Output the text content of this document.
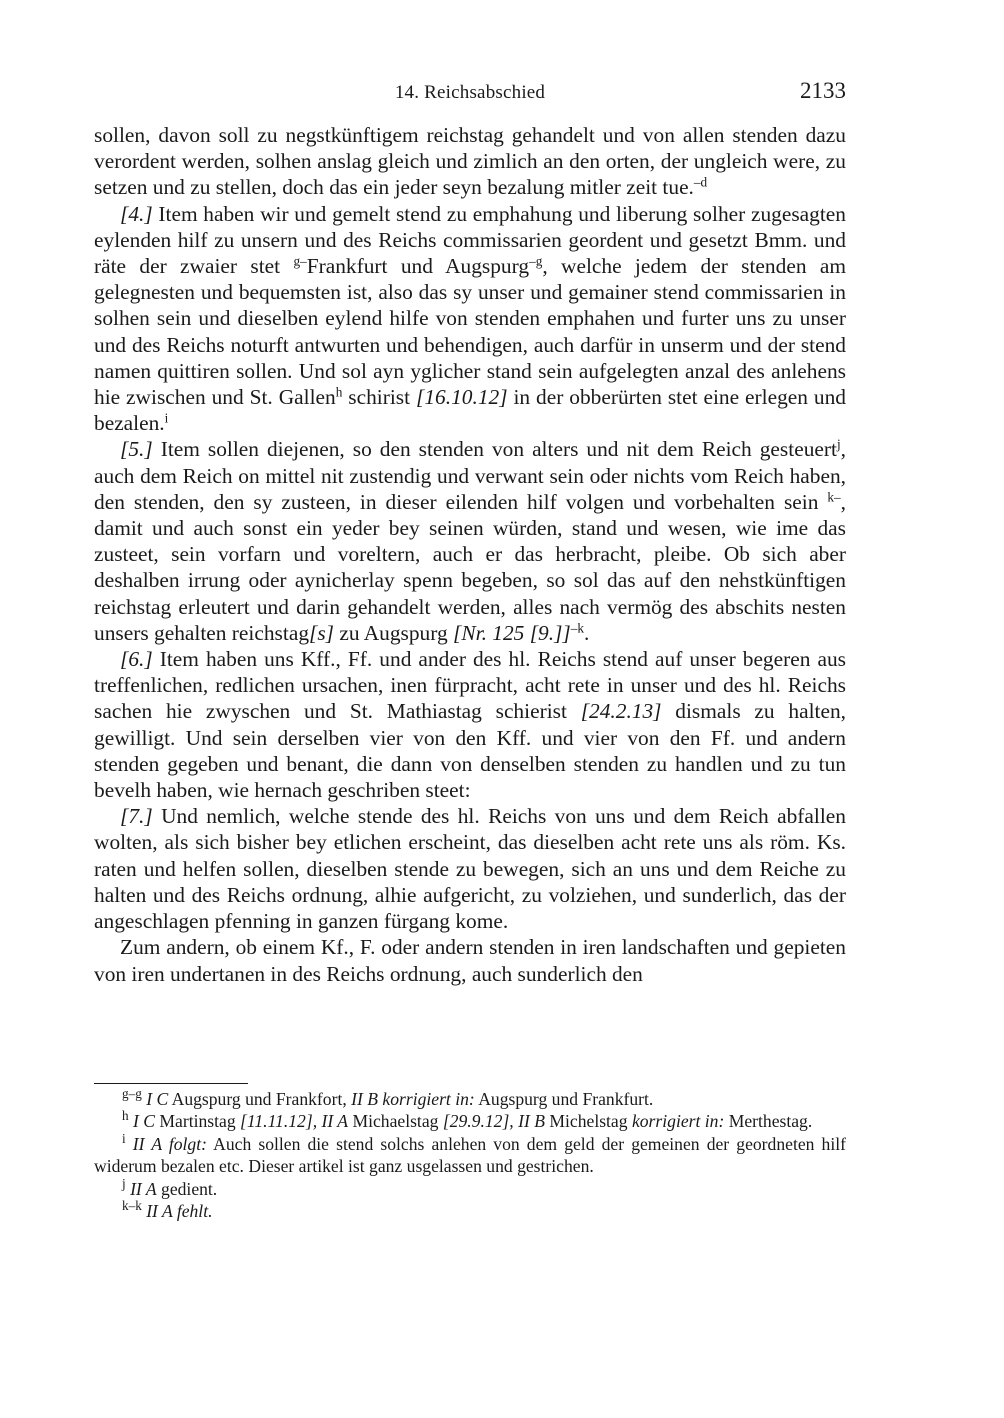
14. Reichsabschied	2133

sollen, davon soll zu negstkünftigem reichstag gehandelt und von allen stenden dazu verordent werden, solhen anslag gleich und zimlich an den orten, der ungleich were, zu setzen und zu stellen, doch das ein jeder seyn bezalung mitler zeit tue.$^{-d}$

[4.] Item haben wir und gemelt stend zu emphahung und liberung solher zugesagten eylenden hilf zu unsern und des Reichs commissarien geordent und gesetzt Bmm. und räte der zwaier stet $^{g-}$Frankfurt und Augspurg$^{-g}$, welche jedem der stenden am gelegnesten und bequemsten ist, also das sy unser und gemainer stend commissarien in solhen sein und dieselben eylend hilfe von stenden emphahen und furter uns zu unser und des Reichs noturft antwurten und behendigen, auch darfür in unserm und der stend namen quittiren sollen. Und sol ayn yglicher stand sein aufgelegten anzal des anlehens hie zwischen und St. Gallen$^h$ schirist [16.10.12] in der obberürten stet eine erlegen und bezalen.$^i$

[5.] Item sollen diejenen, so den stenden von alters und nit dem Reich gesteuert$^j$, auch dem Reich on mittel nit zustendig und verwant sein oder nichts vom Reich haben, den stenden, den sy zusteen, in dieser eilenden hilf volgen und vorbehalten sein $^{k-}$, damit und auch sonst ein yeder bey seinen würden, stand und wesen, wie ime das zusteet, sein vorfarn und voreltern, auch er das herbracht, pleibe. Ob sich aber deshalben irrung oder aynicherlay spenn begeben, so sol das auf den nehstkünftigen reichstag erleutert und darin gehandelt werden, alles nach vermög des abschits nesten unsers gehalten reichstag[s] zu Augspurg [Nr. 125 [9.]]$^{-k}$.

[6.] Item haben uns Kff., Ff. und ander des hl. Reichs stend auf unser begeren aus treffenlichen, redlichen ursachen, inen fürpracht, acht rete in unser und des hl. Reichs sachen hie zwyschen und St. Mathiastag schierist [24.2.13] dismals zu halten, gewilligt. Und sein derselben vier von den Kff. und vier von den Ff. und andern stenden gegeben und benant, die dann von denselben stenden zu handlen und zu tun bevelh haben, wie hernach geschriben steet:

[7.] Und nemlich, welche stende des hl. Reichs von uns und dem Reich abfallen wolten, als sich bisher bey etlichen erscheint, das dieselben acht rete uns als röm. Ks. raten und helfen sollen, dieselben stende zu bewegen, sich an uns und dem Reiche zu halten und des Reichs ordnung, alhie aufgericht, zu volziehen, und sunderlich, das der angeschlagen pfenning in ganzen fürgang kome.

Zum andern, ob einem Kf., F. oder andern stenden in iren landschaften und gepieten von iren undertanen in des Reichs ordnung, auch sunderlich den

$^{g-g}$ I C Augspurg und Frankfort, II B korrigiert in: Augspurg und Frankfurt.

$^h$ I C Martinstag [11.11.12], II A Michaelstag [29.9.12], II B Michelstag korrigiert in: Merthestag.

$^i$ II A folgt: Auch sollen die stend solchs anlehen von dem geld der gemeinen der geordneten hilf widerum bezalen etc. Dieser artikel ist ganz usgelassen und gestrichen.

$^j$ II A gedient.

$^{k-k}$ II A fehlt.
